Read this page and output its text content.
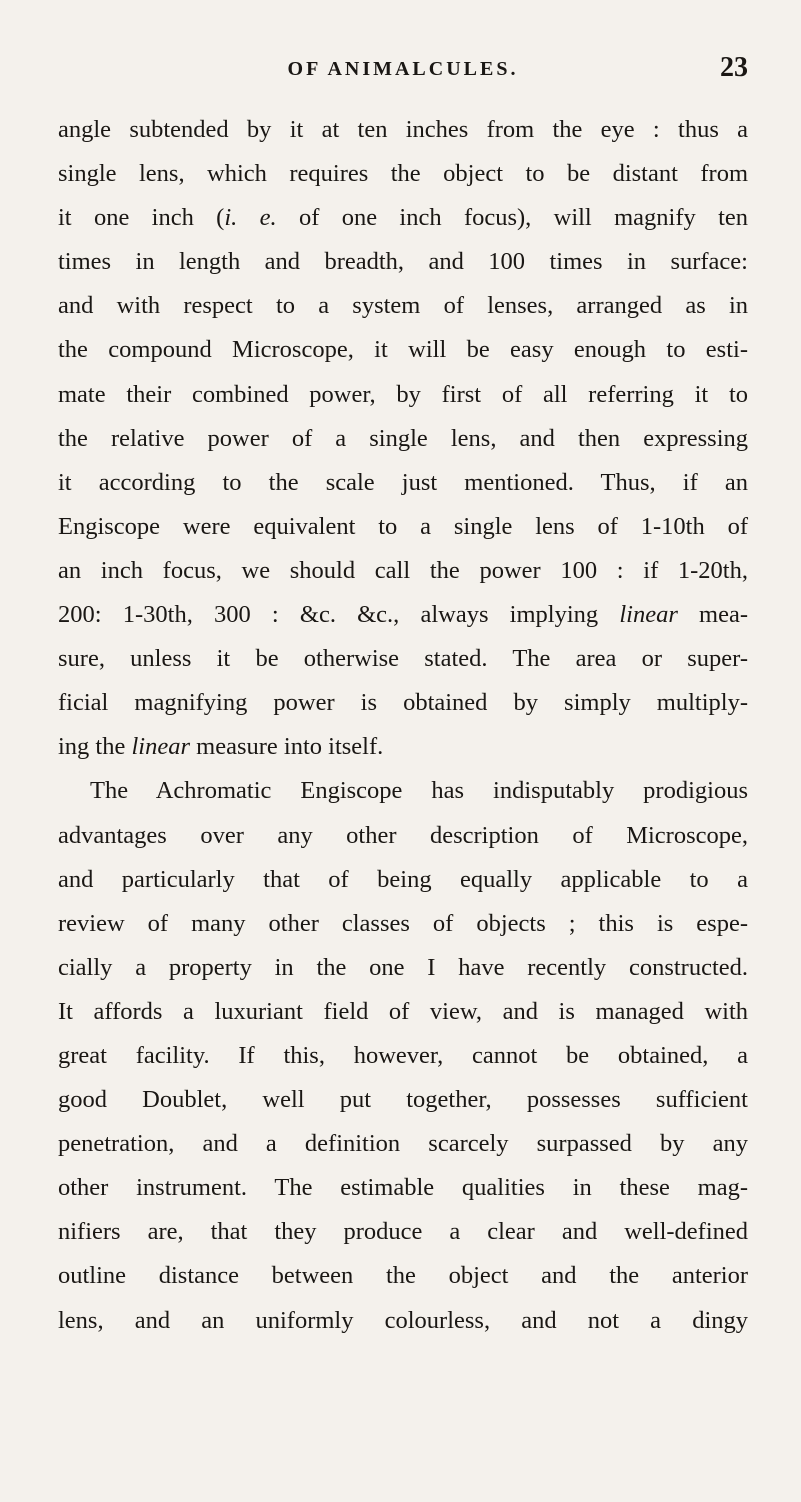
OF ANIMALCULES.	23
angle subtended by it at ten inches from the eye : thus a
single lens, which requires the object to be distant from
it one inch (i. e. of one inch focus), will magnify ten
times in length and breadth, and 100 times in surface:
and with respect to a system of lenses, arranged as in
the compound Microscope, it will be easy enough to esti-
mate their combined power, by first of all referring it to
the relative power of a single lens, and then expressing
it according to the scale just mentioned. Thus, if an
Engiscope were equivalent to a single lens of 1-10th of
an inch focus, we should call the power 100 : if 1-20th,
200: 1-30th, 300 : &c. &c., always implying linear mea-
sure, unless it be otherwise stated. The area or super-
ficial magnifying power is obtained by simply multiply-
ing the linear measure into itself.
The Achromatic Engiscope has indisputably prodigious
advantages over any other description of Microscope,
and particularly that of being equally applicable to a
review of many other classes of objects ; this is espe-
cially a property in the one I have recently constructed.
It affords a luxuriant field of view, and is managed with
great facility. If this, however, cannot be obtained, a
good Doublet, well put together, possesses sufficient
penetration, and a definition scarcely surpassed by any
other instrument. The estimable qualities in these mag-
nifiers are, that they produce a clear and well-defined
outline distance between the object and the anterior
lens, and an uniformly colourless, and not a dingy
